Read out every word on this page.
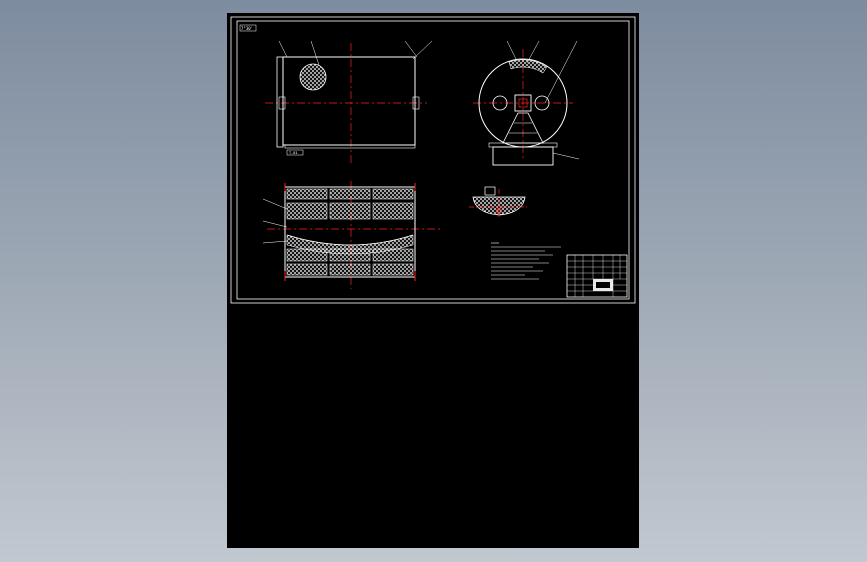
7°30'
T-01
